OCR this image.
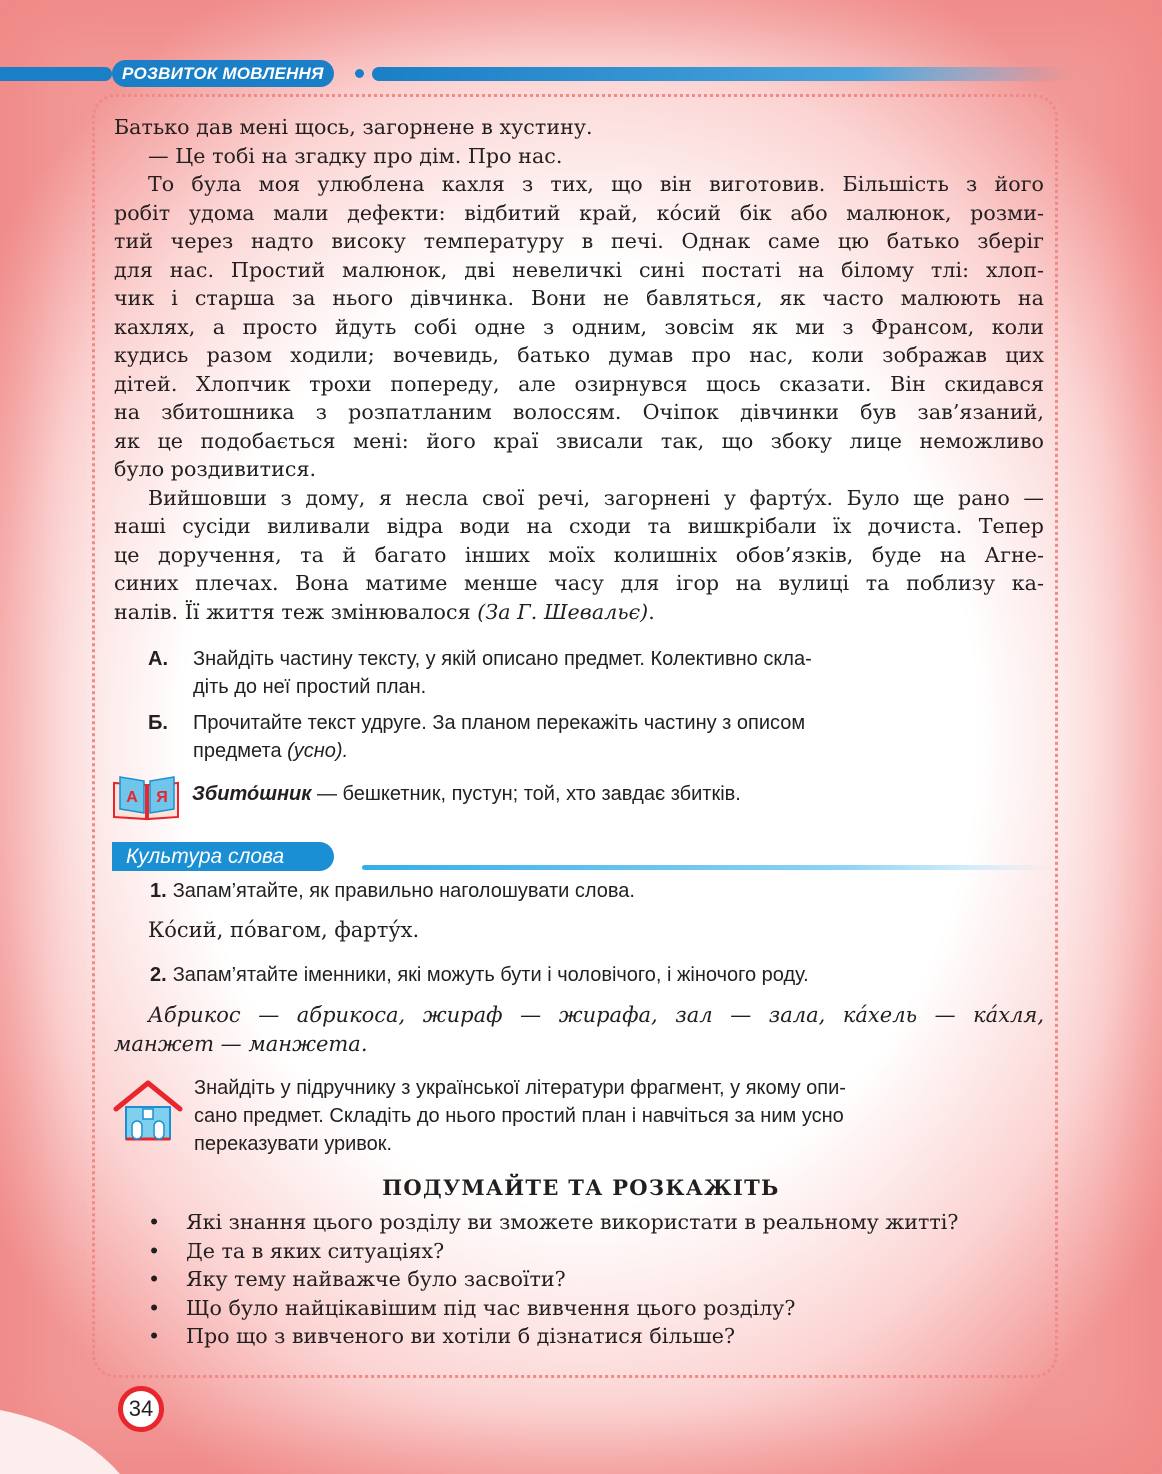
РОЗВИТОК МОВЛЕННЯ
Батько дав мені щось, загорнене в хустину.
— Це тобі на згадку про дім. Про нас.
То була моя улюблена кахля з тих, що він виготовив. Більшість з його
робіт удома мали дефекти: відбитий край, ко́сий бік або малюнок, розми-
тий через надто високу температуру в печі. Однак саме цю батько зберіг
для нас. Простий малюнок, дві невеличкі сині постаті на білому тлі: хлоп-
чик і старша за нього дівчинка. Вони не бавляться, як часто малюють на
кахлях, а просто йдуть собі одне з одним, зовсім як ми з Франсом, коли
кудись разом ходили; вочевидь, батько думав про нас, коли зображав цих
дітей. Хлопчик трохи попереду, але озирнувся щось сказати. Він скидався
на збитошника з розпатланим волоссям. Очіпок дівчинки був зав’язаний,
як це подобається мені: його краї звисали так, що збоку лице неможливо
було роздивитися.
Вийшовши з дому, я несла свої речі, загорнені у фарту́х. Було ще рано —
наші сусіди виливали відра води на сходи та вишкрібали їх дочиста. Тепер
це доручення, та й багато інших моїх колишніх обов’язків, буде на Агне-
синих плечах. Вона матиме менше часу для ігор на вулиці та поблизу ка-
налів. Її життя теж змінювалося (За Г. Шевальє).
А. Знайдіть частину тексту, у якій описано предмет. Колективно скла-
діть до неї простий план.
Б. Прочитайте текст удруге. За планом перекажіть частину з описом
предмета (усно).
А Я Збито́шник — бешкетник, пустун; той, хто завдає збитків.
Культура слова
1. Запам’ятайте, як правильно наголошувати слова.
Ко́сий, по́вагом, фарту́х.
2. Запам’ятайте іменники, які можуть бути і чоловічого, і жіночого роду.
Абрикос — абрикоса, жираф — жирафа, зал — зала, ка́хель — ка́хля,
манжет — манжета.
Знайдіть у підручнику з української літератури фрагмент, у якому опи-
сано предмет. Складіть до нього простий план і навчіться за ним усно
переказувати уривок.
ПОДУМАЙТЕ ТА РОЗКАЖІТЬ
• Які знання цього розділу ви зможете використати в реальному житті?
• Де та в яких ситуаціях?
• Яку тему найважче було засвоїти?
• Що було найцікавішим під час вивчення цього розділу?
• Про що з вивченого ви хотіли б дізнатися більше?
34
